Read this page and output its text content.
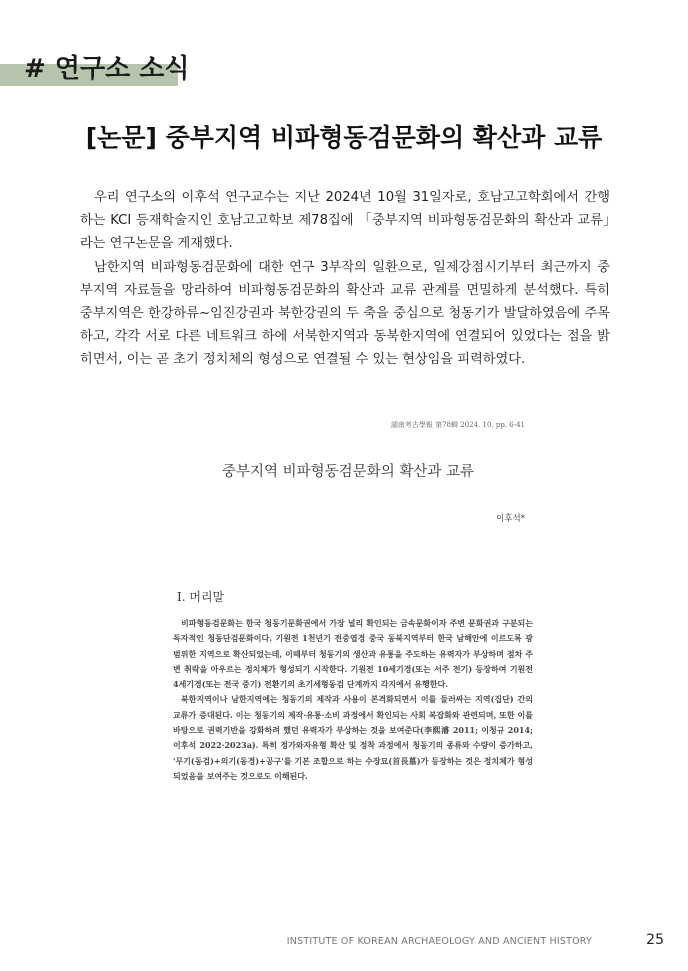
# 연구소 소식
[논문] 중부지역 비파형동검문화의 확산과 교류

우리 연구소의 이후석 연구교수는 지난 2024년 10월 31일자로, 호남고고학회에서 간행하는 KCI 등재학술지인 호남고고학보 제78집에 「중부지역 비파형동검문화의 확산과 교류」라는 연구논문을 게재했다.

남한지역 비파형동검문화에 대한 연구 3부작의 일환으로, 일제강점시기부터 최근까지 중부지역 자료들을 망라하여 비파형동검문화의 확산과 교류 관계를 면밀하게 분석했다. 특히 중부지역은 한강하류~임진강권과 북한강권의 두 축을 중심으로 청동기가 발달하였음에 주목하고, 각각 서로 다른 네트워크 하에 서북한지역과 동북한지역에 연결되어 있었다는 점을 밝히면서, 이는 곧 초기 정치체의 형성으로 연결될 수 있는 현상임을 피력하였다.

湖南考古學報 第78輯 2024. 10. pp. 6-41
중부지역 비파형동검문화의 확산과 교류
이후석*
Ⅰ. 머리말

비파형동검문화는 한국 청동기문화권에서 가장 널리 확인되는 금속문화이자 주변 문화권과 구분되는 독자적인 청동단검문화이다. 기원전 1천년기 전중엽경 중국 동북지역부터 한국 남해안에 이르도록 광범위한 지역으로 확산되었는데, 이때부터 청동기의 생산과 유통을 주도하는 유력자가 부상하며 점차 주변 취락을 아우르는 정치체가 형성되기 시작한다. 기원전 10세기경(또는 서주 전기) 등장하여 기원전 4세기경(또는 전국 중기) 전환기의 초기세형동검 단계까지 각지에서 유행한다.

북한지역이나 남한지역에는 청동기의 제작과 사용이 본격화되면서 이를 둘러싸는 지역(집단) 간의 교류가 증대된다. 이는 청동기의 제작·유통·소비 과정에서 확인되는 사회 복잡화와 관련되며, 또한 이를 바탕으로 권력기반을 강화하려 했던 유력자가 부상하는 것을 보여준다(李熙濬 2011; 이청규 2014; 이후석 2022·2023a). 특히 정가와자유형 확산 및 정착 과정에서 청동기의 종류와 수량이 증가하고, '무기(동검)+의기(동경)+공구'를 기본 조합으로 하는 수장묘(首長墓)가 등장하는 것은 정치체가 형성되었음을 보여주는 것으로도 이해된다.

INSTITUTE OF KOREAN ARCHAEOLOGY AND ANCIENT HISTORY	25
